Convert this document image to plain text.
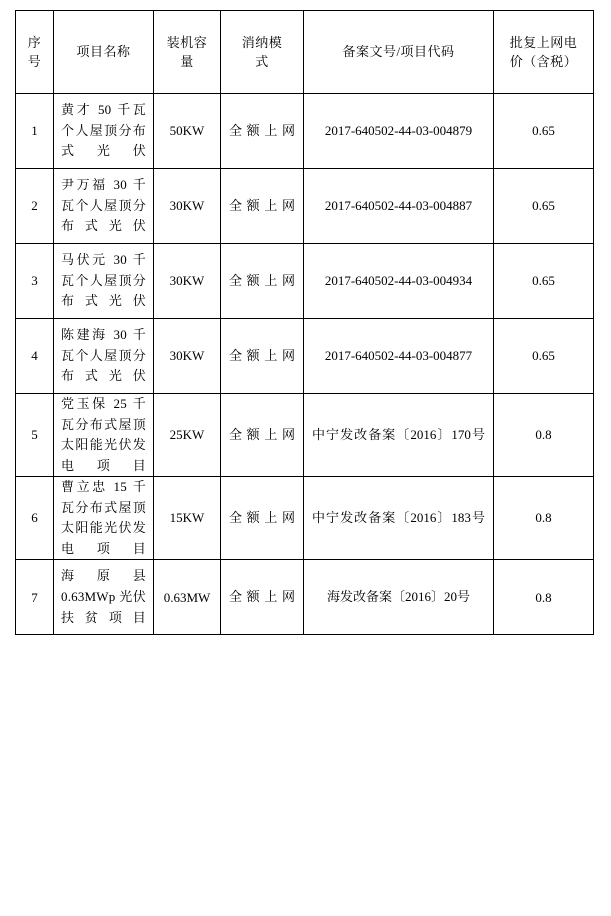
序号	项目名称	装机容量	消纳模式	备案文号/项目代码	批复上网电价（含税）

1	黄才 50 千瓦个人屋顶分布式光伏	50KW	全额上网	2017-640502-44-03-004879	0.65
2	尹万福 30 千瓦个人屋顶分布式光伏	30KW	全额上网	2017-640502-44-03-004887	0.65
3	马伏元 30 千瓦个人屋顶分布式光伏	30KW	全额上网	2017-640502-44-03-004934	0.65
4	陈建海 30 千瓦个人屋顶分布式光伏	30KW	全额上网	2017-640502-44-03-004877	0.65
5	党玉保 25 千瓦分布式屋顶太阳能光伏发电项目	25KW	全额上网	中宁发改备案〔2016〕170号	0.8
6	曹立忠 15 千瓦分布式屋顶太阳能光伏发电项目	15KW	全额上网	中宁发改备案〔2016〕183号	0.8
7	海原县 0.63MWp 光伏扶贫项目	0.63MW	全额上网	海发改备案〔2016〕20号	0.8
